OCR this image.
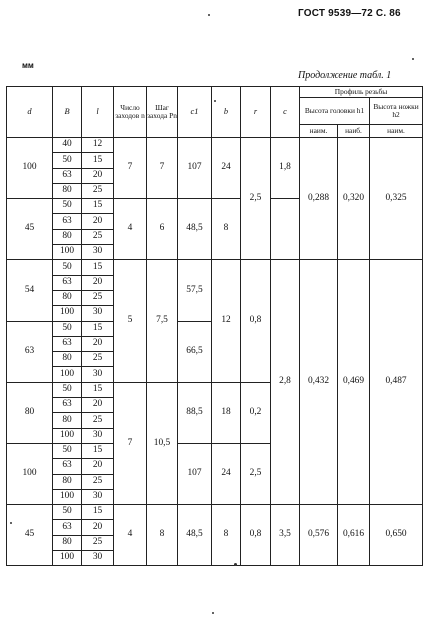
ГОСТ 9539—72 С. 86
мм
Продолжение табл. 1
d	B	l	Число заходов n	Шаг захода Pn	c1	b	r	c	Профиль резьбы		
									Высота головки h1		Высота ножки h2
									наим.	наиб.	наим.
100	40	12	7	7	107	24	2,5	1,8	0,288	0,320	0,325
	50	15									
	63	20									
	80	25									
45	50	15	4	6	48,5	8					
	63	20									
	80	25									
	100	30									
54	50	15	5	7,5	57,5	12	0,8	2,8	0,432	0,469	0,487
	63	20									
	80	25									
	100	30									
63	50	15			66,5						
	63	20									
	80	25									
	100	30									
80	50	15	7	10,5	88,5	18	0,2				
	63	20									
	80	25									
	100	30									
100	50	15			107	24	2,5				
	63	20									
	80	25									
	100	30									
45	50	15	4	8	48,5	8	0,8	3,5	0,576	0,616	0,650
	63	20									
	80	25									
	100	30									
